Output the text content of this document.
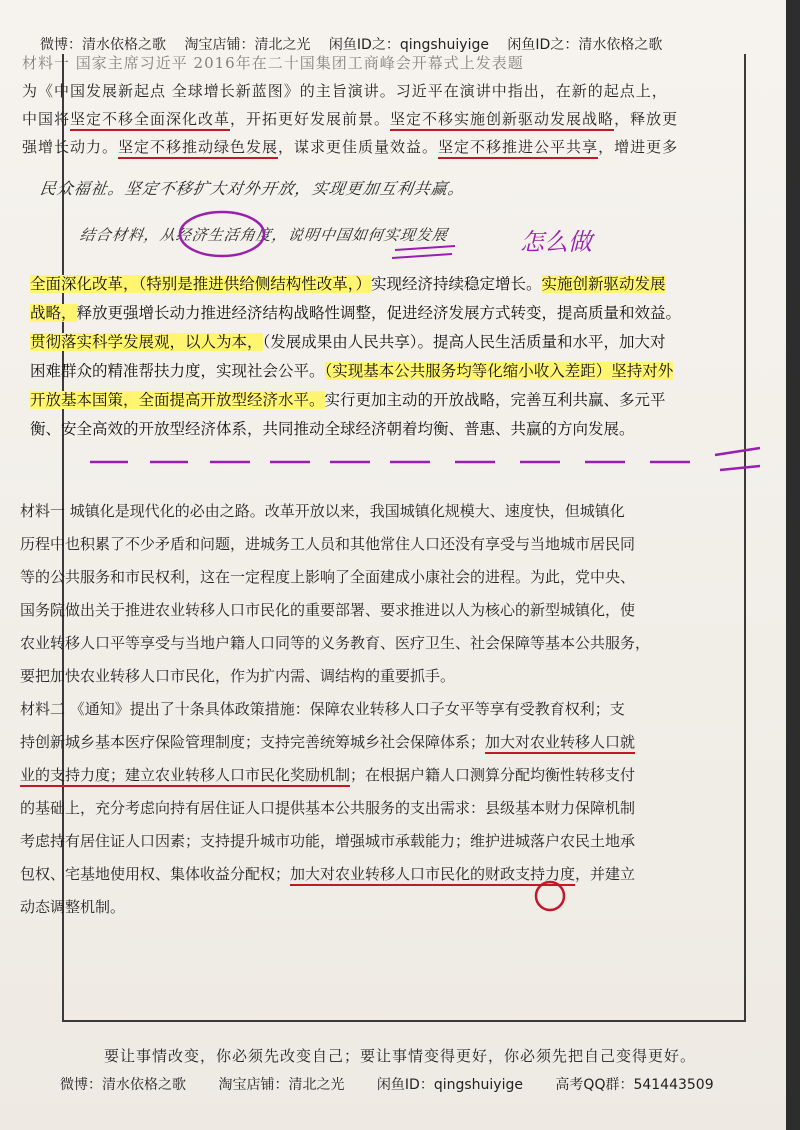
微博：清水依格之歌 淘宝店铺：清北之光 闲鱼ID之：qingshuiyige 闲鱼ID之：清水依格之歌
材料一 国家主席习近平 2016年在二十国集团工商峰会开幕式上发表题
为《中国发展新起点 全球增长新蓝图》的主旨演讲。习近平在演讲中指出，在新的起点上，
中国将坚定不移全面深化改革，开拓更好发展前景。坚定不移实施创新驱动发展战略，释放更
强增长动力。坚定不移推动绿色发展，谋求更佳质量效益。坚定不移推进公平共享，增进更多
民众福祉。坚定不移扩大对外开放，实现更加互利共赢。
结合材料，从经济生活角度，说明中国如何实现发展	怎么做

全面深化改革，（特别是推进供给侧结构性改革，）实现经济持续稳定增长。实施创新驱动发展

战略，释放更强增长动力推进经济结构战略性调整，促进经济发展方式转变，提高质量和效益。

贯彻落实科学发展观，以人为本，（发展成果由人民共享）。提高人民生活质量和水平，加大对

困难群众的精准帮扶力度，实现社会公平。（实现基本公共服务均等化缩小收入差距）坚持对外

开放基本国策，全面提高开放型经济水平。实行更加主动的开放战略，完善互利共赢、多元平

衡、安全高效的开放型经济体系，共同推动全球经济朝着均衡、普惠、共赢的方向发展。

材料一 城镇化是现代化的必由之路。改革开放以来，我国城镇化规模大、速度快，但城镇化

历程中也积累了不少矛盾和问题，进城务工人员和其他常住人口还没有享受与当地城市居民同

等的公共服务和市民权利，这在一定程度上影响了全面建成小康社会的进程。为此，党中央、

国务院做出关于推进农业转移人口市民化的重要部署、要求推进以人为核心的新型城镇化，使

农业转移人口平等享受与当地户籍人口同等的义务教育、医疗卫生、社会保障等基本公共服务，

要把加快农业转移人口市民化，作为扩内需、调结构的重要抓手。

材料二 《通知》提出了十条具体政策措施：保障农业转移人口子女平等享有受教育权利；支

持创新城乡基本医疗保险管理制度；支持完善统筹城乡社会保障体系；加大对农业转移人口就

业的支持力度；建立农业转移人口市民化奖励机制；在根据户籍人口测算分配均衡性转移支付

的基础上，充分考虑向持有居住证人口提供基本公共服务的支出需求：县级基本财力保障机制

考虑持有居住证人口因素；支持提升城市功能，增强城市承载能力；维护进城落户农民土地承

包权、宅基地使用权、集体收益分配权；加大对农业转移人口市民化的财政支持力度，并建立

动态调整机制。

要让事情改变，你必须先改变自己；要让事情变得更好，你必须先把自己变得更好。
微博：清水依格之歌 淘宝店铺：清北之光 闲鱼ID：qingshuiyige 高考QQ群：541443509
